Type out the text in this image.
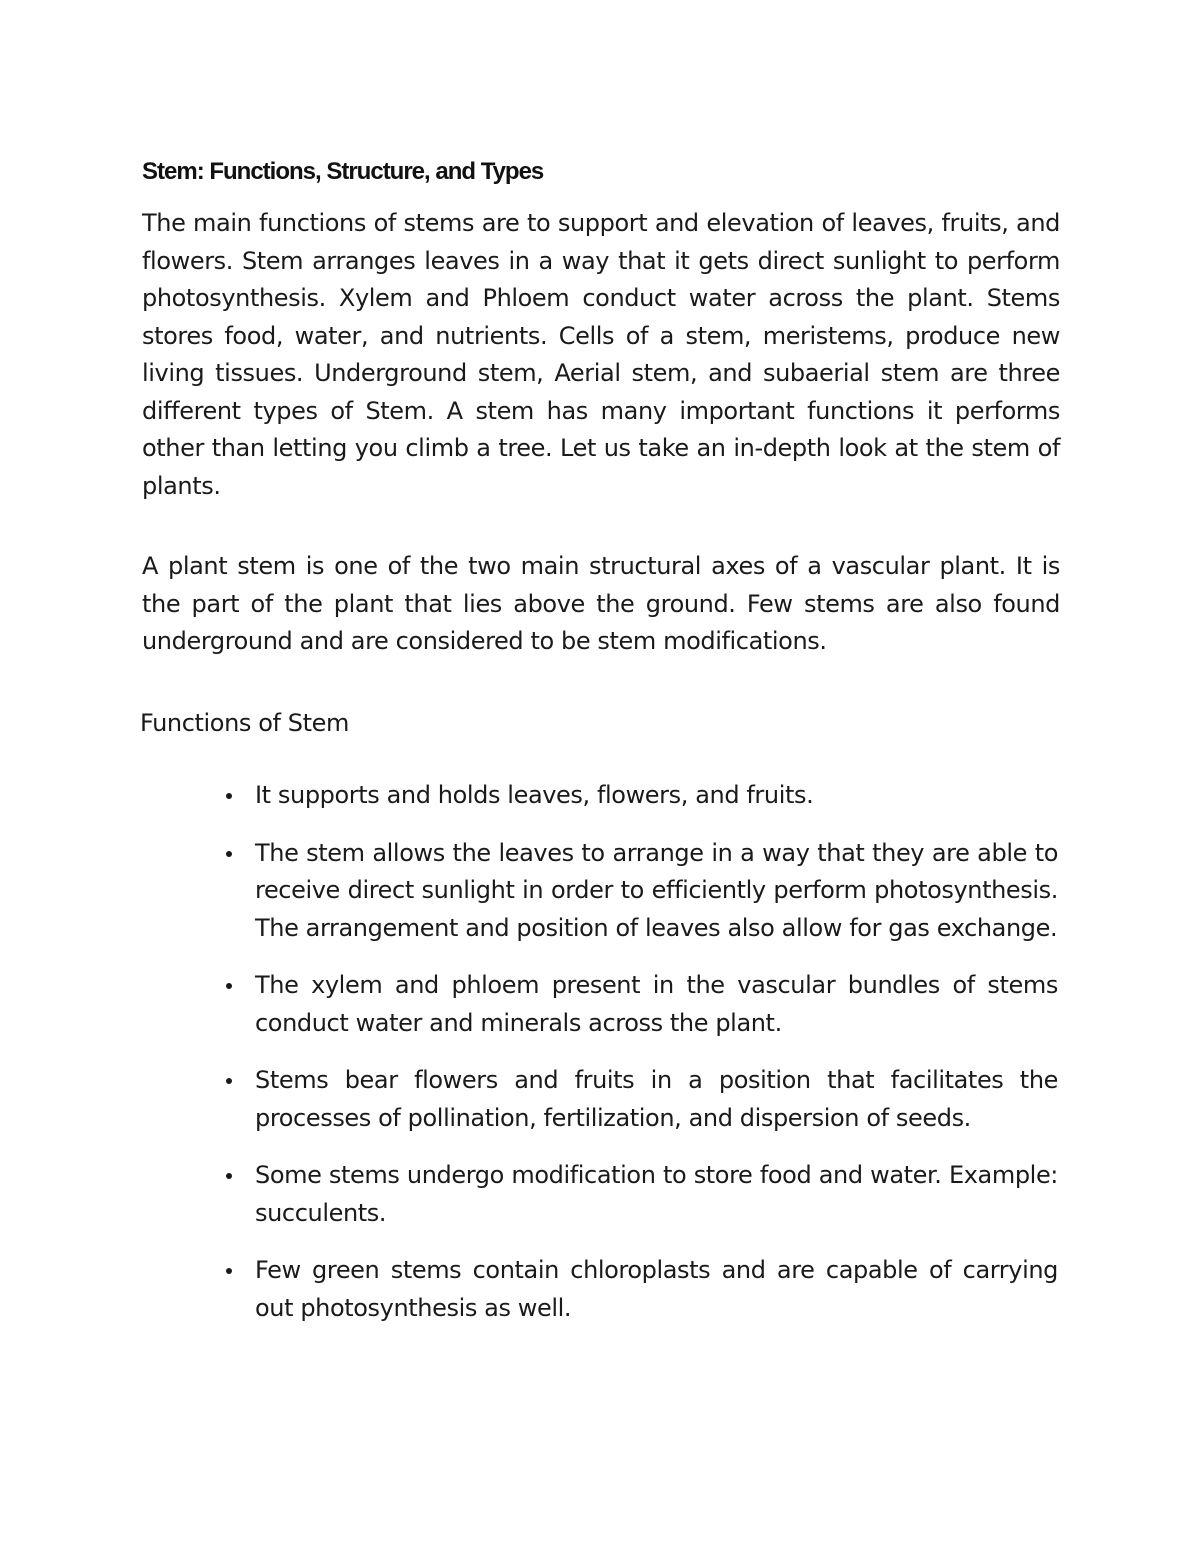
Stem: Functions, Structure, and Types

The main functions of stems are to support and elevation of leaves, fruits, and flowers. Stem arranges leaves in a way that it gets direct sunlight to perform photosynthesis. Xylem and Phloem conduct water across the plant. Stems stores food, water, and nutrients. Cells of a stem, meristems, produce new living tissues. Underground stem, Aerial stem, and subaerial stem are three different types of Stem. A stem has many important functions it performs other than letting you climb a tree. Let us take an in-depth look at the stem of plants.

A plant stem is one of the two main structural axes of a vascular plant. It is the part of the plant that lies above the ground. Few stems are also found underground and are considered to be stem modifications.

Functions of Stem
It supports and holds leaves, flowers, and fruits.
The stem allows the leaves to arrange in a way that they are able to receive direct sunlight in order to efficiently perform photosynthesis. The arrangement and position of leaves also allow for gas exchange.
The xylem and phloem present in the vascular bundles of stems conduct water and minerals across the plant.
Stems bear flowers and fruits in a position that facilitates the processes of pollination, fertilization, and dispersion of seeds.
Some stems undergo modification to store food and water. Example: succulents.
Few green stems contain chloroplasts and are capable of carrying out photosynthesis as well.
